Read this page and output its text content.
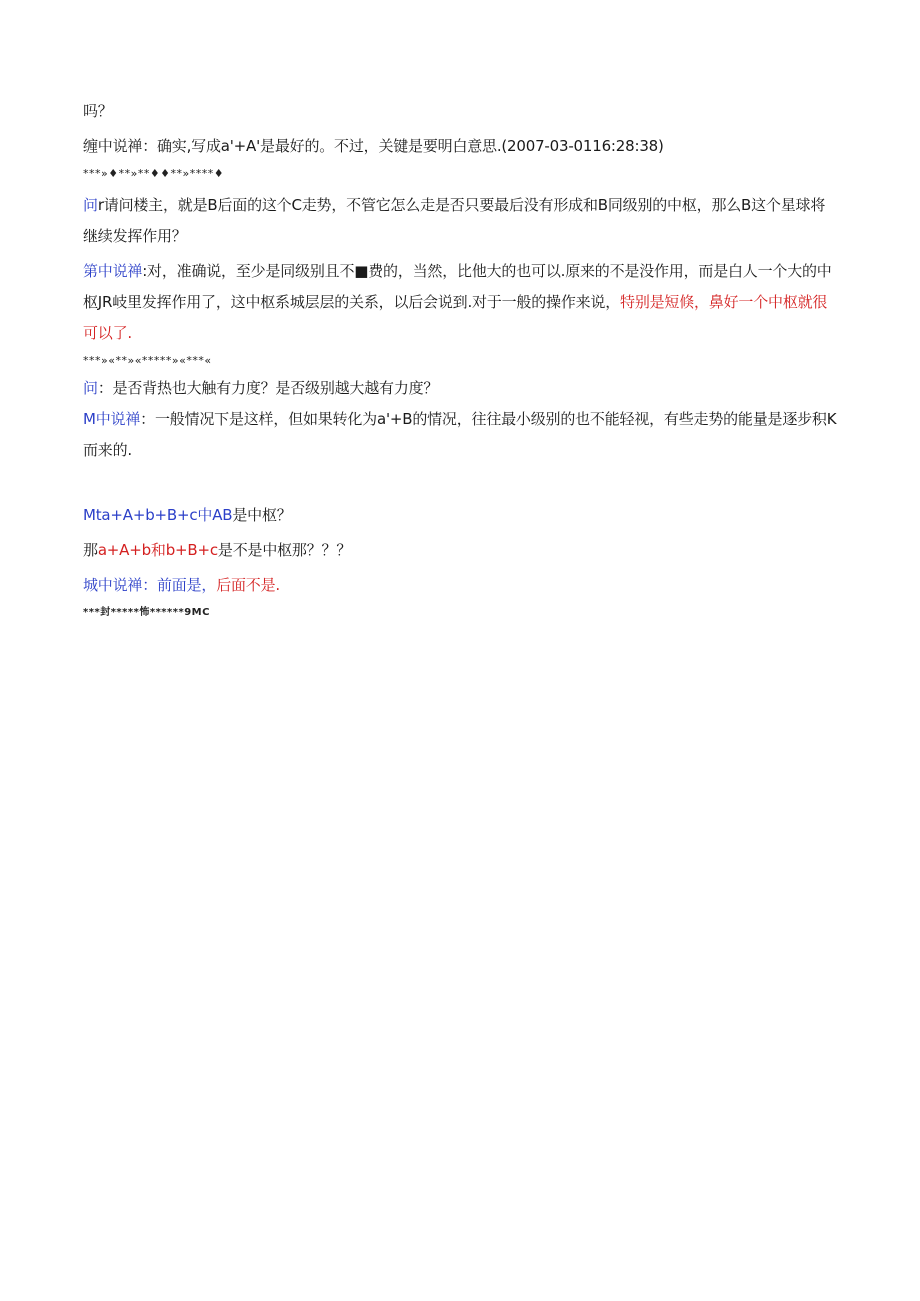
吗？
缠中说禅：确实,写成a'+A'是最好的。不过，关键是要明白意思.(2007-03-0116:28:38)
***»♦**»**♦♦**»****♦
问r请问楼主，就是B后面的这个C走势，不管它怎么走是否只要最后没有形成和B同级别的中枢，那么B这个星球将继续发挥作用？
第中说禅:对，准确说，至少是同级别且不■费的，当然，比他大的也可以.原来的不是没作用，而是白人一个大的中枢JR岐里发挥作用了，这中枢系城层层的关系，以后会说到.对于一般的操作来说，特别是短倏，鼻好一个中枢就很可以了.
***»«**»«*****»«***«
问：是否背热也大触有力度？是否级别越大越有力度？
M中说禅：一般情况下是这样，但如果转化为a'+B的情况，往往最小级别的也不能轻视，有些走势的能量是逐步积K而来的.
Mta+A+b+B+c中AB是中枢？
那a+A+b和b+B+c是不是中枢那？？？
城中说禅：前面是，后面不是.
***封*****怖******9MC
